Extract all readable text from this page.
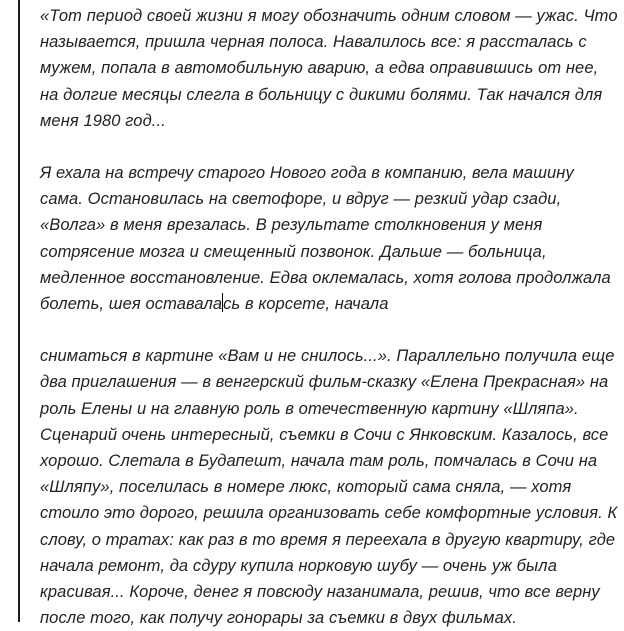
«Тот период своей жизни я могу обозначить одним словом — ужас. Что
называется, пришла черная полоса. Навалилось все: я рассталась с
мужем, попала в автомобильную аварию, а едва оправившись от нее,
на долгие месяцы слегла в больницу с дикими болями. Так начался для
меня 1980 год...

Я ехала на встречу старого Нового года в компанию, вела машину
сама. Остановилась на светофоре, и вдруг — резкий удар сзади,
«Волга» в меня врезалась. В результате столкновения у меня
сотрясение мозга и смещенный позвонок. Дальше — больница,
медленное восстановление. Едва оклемалась, хотя голова продолжала
болеть, шея оставалась в корсете, начала

сниматься в картине «Вам и не снилось...». Параллельно получила еще
два приглашения — в венгерский фильм-сказку «Елена Прекрасная» на
роль Елены и на главную роль в отечественную картину «Шляпа».
Сценарий очень интересный, съемки в Сочи с Янковским. Казалось, все
хорошо. Слетала в Будапешт, начала там роль, помчалась в Сочи на
«Шляпу», поселилась в номере люкс, который сама сняла, — хотя
стоило это дорого, решила организовать себе комфортные условия. К
слову, о тратах: как раз в то время я переехала в другую квартиру, где
начала ремонт, да сдуру купила норковую шубу — очень уж была
красивая... Короче, денег я повсюду назанимала, решив, что все верну
после того, как получу гонорары за съемки в двух фильмах.
